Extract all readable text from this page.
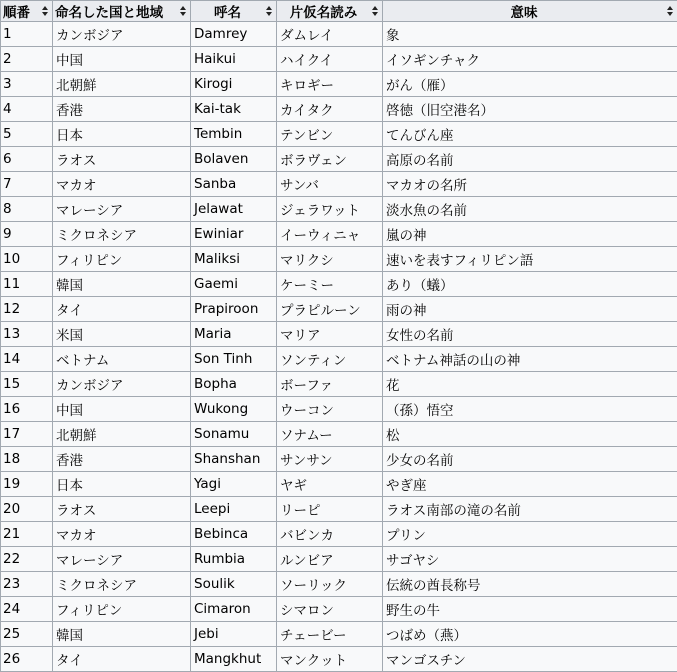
順番	命名した国と地域	呼名	片仮名読み	意味

1	カンボジア	Damrey	ダムレイ	象
2	中国	Haikui	ハイクイ	イソギンチャク
3	北朝鮮	Kirogi	キロギー	がん（雁）
4	香港	Kai-tak	カイタク	啓徳（旧空港名）
5	日本	Tembin	テンビン	てんびん座
6	ラオス	Bolaven	ボラヴェン	高原の名前
7	マカオ	Sanba	サンバ	マカオの名所
8	マレーシア	Jelawat	ジェラワット	淡水魚の名前
9	ミクロネシア	Ewiniar	イーウィニャ	嵐の神
10	フィリピン	Maliksi	マリクシ	速いを表すフィリピン語
11	韓国	Gaemi	ケーミー	あり（蟻）
12	タイ	Prapiroon	プラピルーン	雨の神
13	米国	Maria	マリア	女性の名前
14	ベトナム	Son Tinh	ソンティン	ベトナム神話の山の神
15	カンボジア	Bopha	ボーファ	花
16	中国	Wukong	ウーコン	（孫）悟空
17	北朝鮮	Sonamu	ソナムー	松
18	香港	Shanshan	サンサン	少女の名前
19	日本	Yagi	ヤギ	やぎ座
20	ラオス	Leepi	リーピ	ラオス南部の滝の名前
21	マカオ	Bebinca	バビンカ	プリン
22	マレーシア	Rumbia	ルンビア	サゴヤシ
23	ミクロネシア	Soulik	ソーリック	伝統の酋長称号
24	フィリピン	Cimaron	シマロン	野生の牛
25	韓国	Jebi	チェービー	つばめ（燕）
26	タイ	Mangkhut	マンクット	マンゴスチン
